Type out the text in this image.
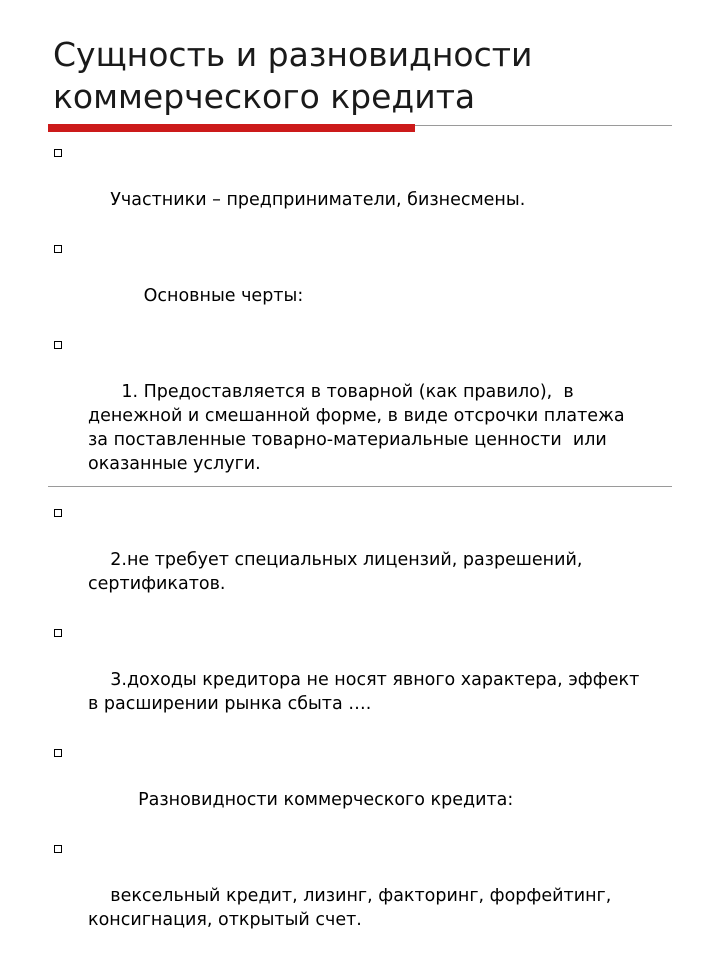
Сущность и разновидности
коммерческого кредита

Участники – предприниматели, бизнесмены.

Основные черты:

1. Предоставляется в товарной (как правило),  в денежной и смешанной форме, в виде отсрочки платежа за поставленные товарно-материальные ценности  или оказанные услуги.

2.не требует специальных лицензий, разрешений, сертификатов.

3.доходы кредитора не носят явного характера, эффект в расширении рынка сбыта ….

Разновидности коммерческого кредита:

вексельный кредит, лизинг, факторинг, форфейтинг, консигнация, открытый счет.
